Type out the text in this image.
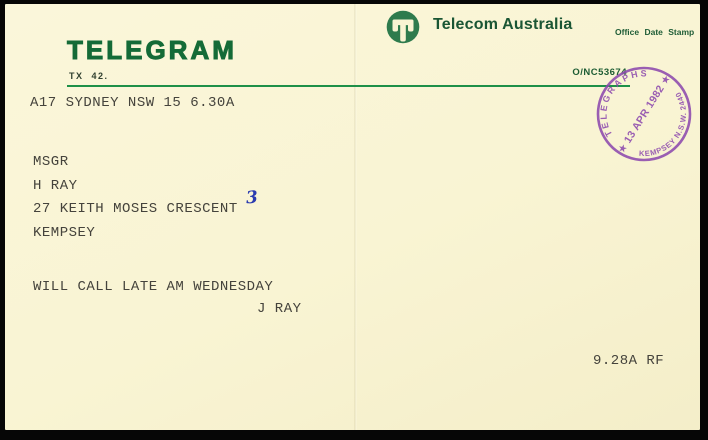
TELEGRAM
TX 42.	O/NC53674
Telecom Australia	Office Date Stamp
A17 SYDNEY NSW 15 6.30A
MSGR
H RAY
27 KEITH MOSES CRESCENT
KEMPSEY
3
WILL CALL LATE AM WEDNESDAY
J RAY
9.28A RF
TELEGRAPHS
KEMPSEY N.S.W. 2440
★
★
13 APR 1982
